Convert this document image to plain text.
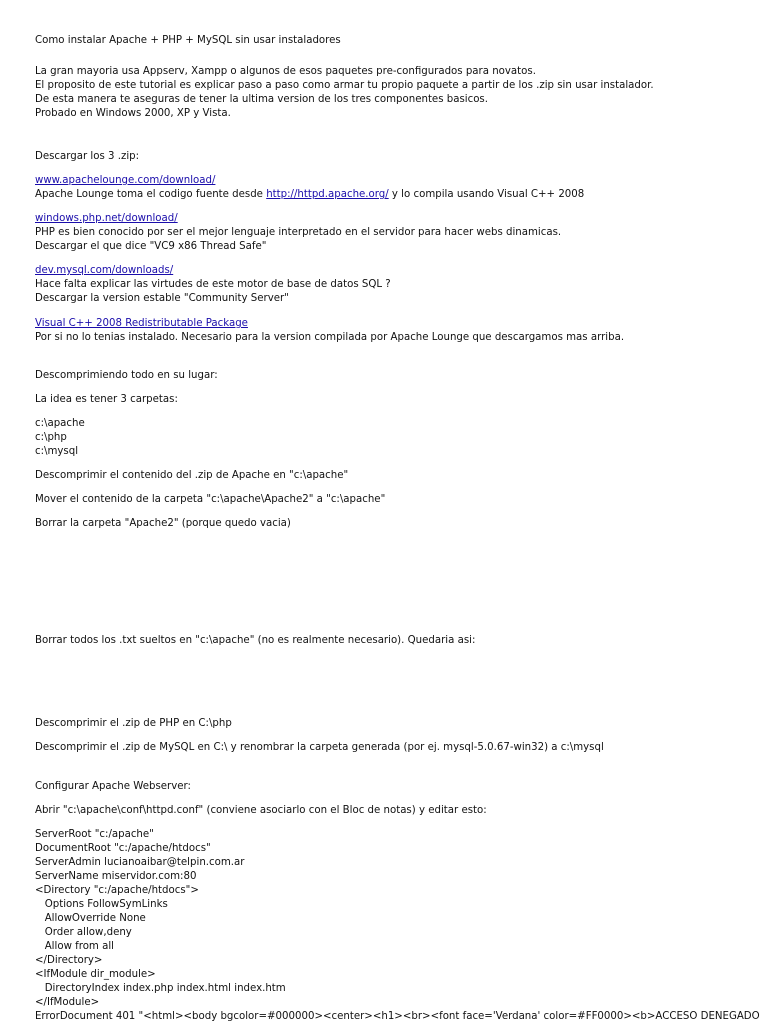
Como instalar Apache + PHP + MySQL sin usar instaladores
La gran mayoria usa Appserv, Xampp o algunos de esos paquetes pre-configurados para novatos.
El proposito de este tutorial es explicar paso a paso como armar tu propio paquete a partir de los .zip sin usar instalador.
De esta manera te aseguras de tener la ultima version de los tres componentes basicos.
Probado en Windows 2000, XP y Vista.
Descargar los 3 .zip:
www.apachelounge.com/download/
Apache Lounge toma el codigo fuente desde http://httpd.apache.org/ y lo compila usando Visual C++ 2008
windows.php.net/download/
PHP es bien conocido por ser el mejor lenguaje interpretado en el servidor para hacer webs dinamicas.
Descargar el que dice "VC9 x86 Thread Safe"
dev.mysql.com/downloads/
Hace falta explicar las virtudes de este motor de base de datos SQL ?
Descargar la version estable "Community Server"
Visual C++ 2008 Redistributable Package
Por si no lo tenias instalado. Necesario para la version compilada por Apache Lounge que descargamos mas arriba.
Descomprimiendo todo en su lugar:
La idea es tener 3 carpetas:
c:\apache
c:\php
c:\mysql
Descomprimir el contenido del .zip de Apache en "c:\apache"
Mover el contenido de la carpeta "c:\apache\Apache2" a "c:\apache"
Borrar la carpeta "Apache2" (porque quedo vacia)
Borrar todos los .txt sueltos en "c:\apache" (no es realmente necesario). Quedaria asi:
Descomprimir el .zip de PHP en C:\php
Descomprimir el .zip de MySQL en C:\ y renombrar la carpeta generada (por ej. mysql-5.0.67-win32) a c:\mysql
Configurar Apache Webserver:
Abrir "c:\apache\conf\httpd.conf" (conviene asociarlo con el Bloc de notas) y editar esto:
ServerRoot "c:/apache"
DocumentRoot "c:/apache/htdocs"
ServerAdmin lucianoaibar@telpin.com.ar
ServerName miservidor.com:80
<Directory "c:/apache/htdocs">
Options FollowSymLinks
AllowOverride None
Order allow,deny
Allow from all
</Directory>
<IfModule dir_module>
DirectoryIndex index.php index.html index.htm
</IfModule>
ErrorDocument 401 "<html><body bgcolor=#000000><center><h1><br><font face='Verdana' color=#FF0000><b>ACCESO DENEGADO
